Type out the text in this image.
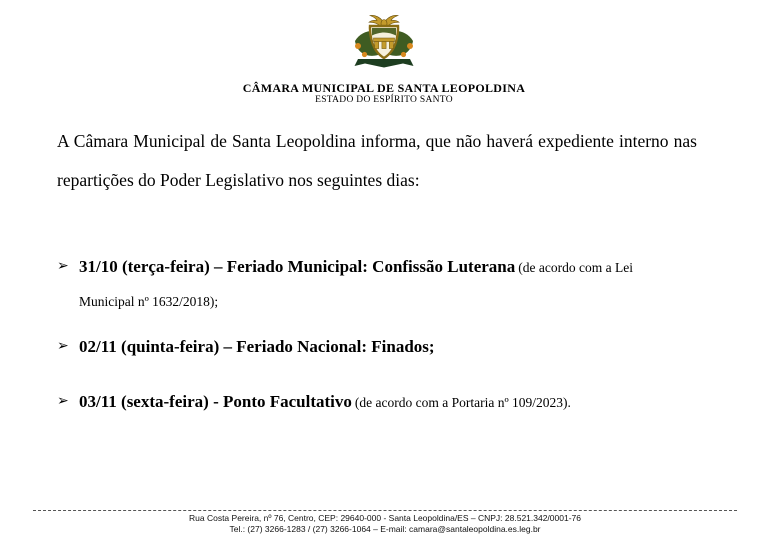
CÂMARA MUNICIPAL DE SANTA LEOPOLDINA
ESTADO DO ESPÍRITO SANTO

A Câmara Municipal de Santa Leopoldina informa, que não haverá expediente interno nas repartições do Poder Legislativo nos seguintes dias:

➢ 31/10 (terça-feira) – Feriado Municipal: Confissão Luterana (de acordo com a Lei Municipal nº 1632/2018);
➢ 02/11 (quinta-feira) – Feriado Nacional: Finados;
➢ 03/11 (sexta-feira) - Ponto Facultativo (de acordo com a Portaria nº 109/2023).
Rua Costa Pereira, nº 76, Centro, CEP: 29640-000 - Santa Leopoldina/ES – CNPJ: 28.521.342/0001-76
Tel.: (27) 3266-1283 / (27) 3266-1064 – E-mail: camara@santaleopoldina.es.leg.br
